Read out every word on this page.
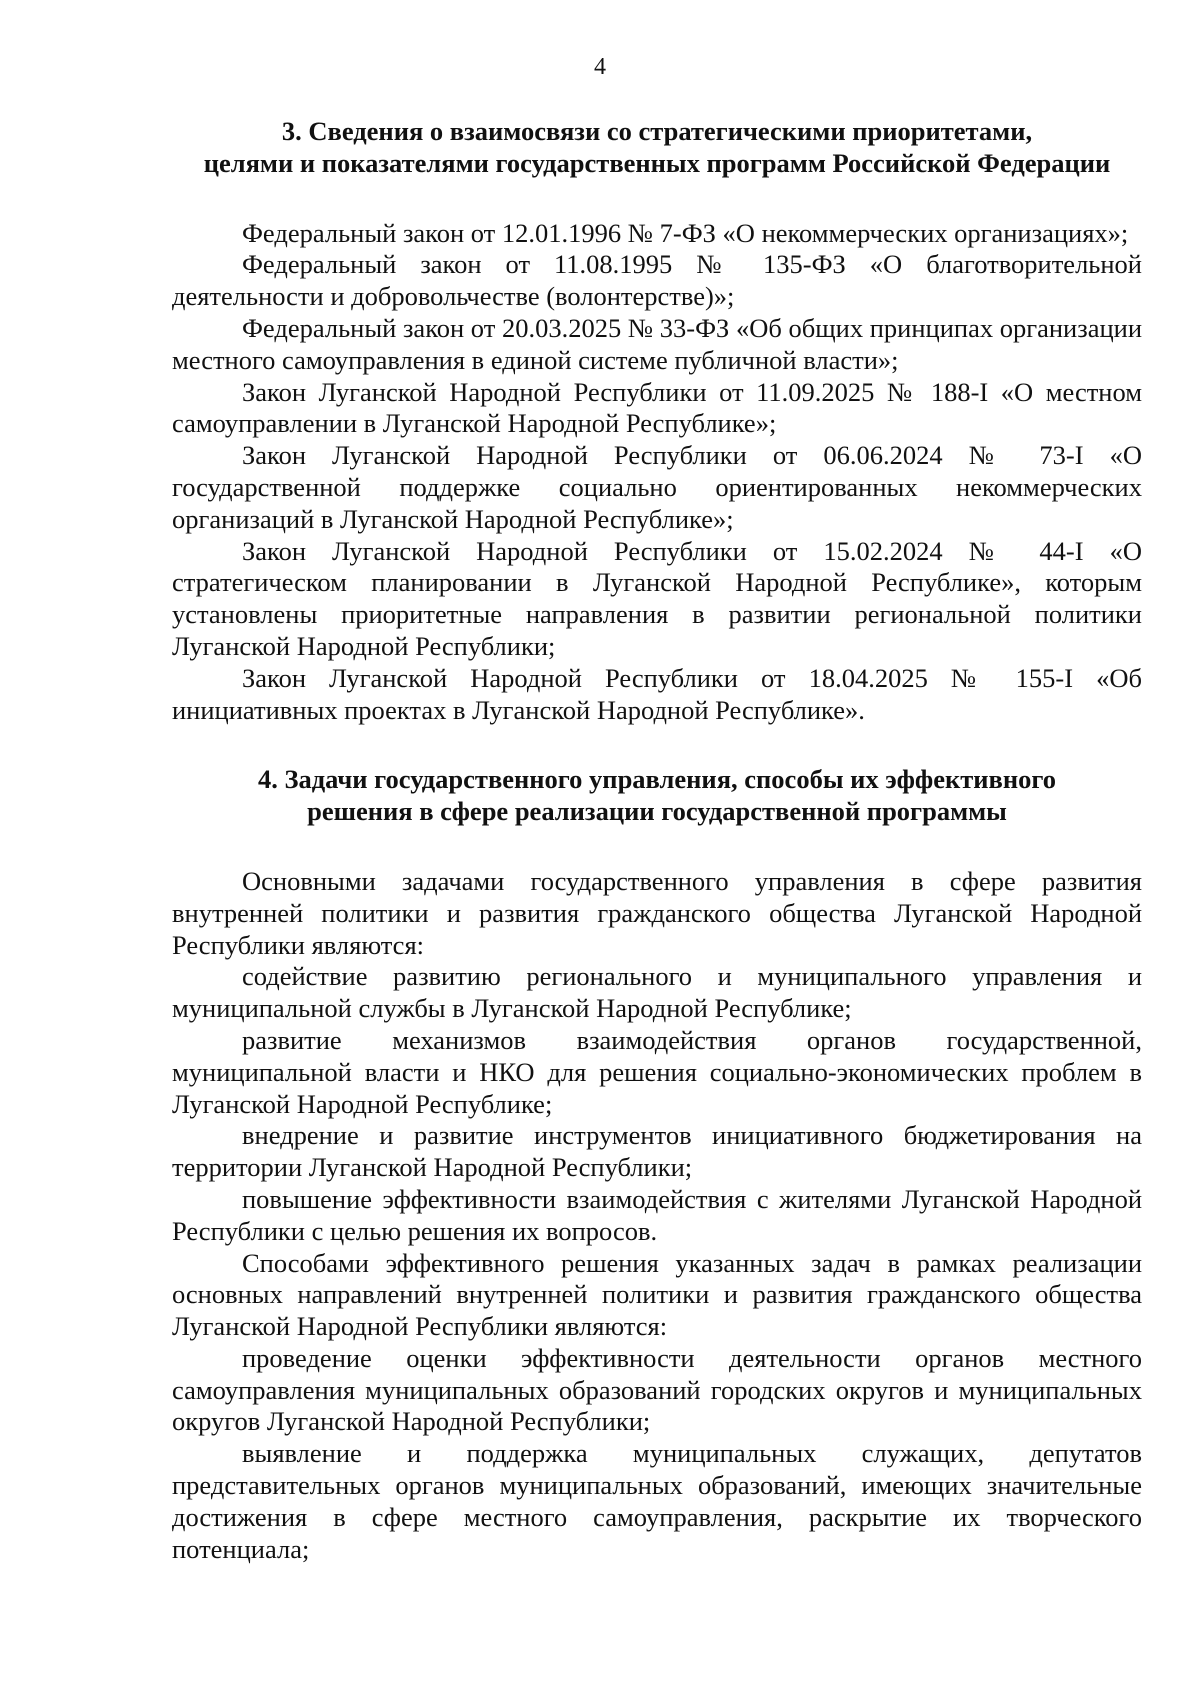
4
3. Сведения о взаимосвязи со стратегическими приоритетами,
целями и показателями государственных программ Российской Федерации

Федеральный закон от 12.01.1996 № 7-ФЗ «О некоммерческих организациях»;

Федеральный закон от 11.08.1995 № 135-ФЗ «О благотворительной деятельности и добровольчестве (волонтерстве)»;

Федеральный закон от 20.03.2025 № 33-ФЗ «Об общих принципах организации местного самоуправления в единой системе публичной власти»;

Закон Луганской Народной Республики от 11.09.2025 № 188-I «О местном самоуправлении в Луганской Народной Республике»;

Закон Луганской Народной Республики от 06.06.2024 № 73-I «О государственной поддержке социально ориентированных некоммерческих организаций в Луганской Народной Республике»;

Закон Луганской Народной Республики от 15.02.2024 № 44-I «О стратегическом планировании в Луганской Народной Республике», которым установлены приоритетные направления в развитии региональной политики Луганской Народной Республики;

Закон Луганской Народной Республики от 18.04.2025 № 155-I «Об инициативных проектах в Луганской Народной Республике».

4. Задачи государственного управления, способы их эффективного
решения в сфере реализации государственной программы

Основными задачами государственного управления в сфере развития внутренней политики и развития гражданского общества Луганской Народной Республики являются:

содействие развитию регионального и муниципального управления и муниципальной службы в Луганской Народной Республике;

развитие механизмов взаимодействия органов государственной, муниципальной власти и НКО для решения социально-экономических проблем в Луганской Народной Республике;

внедрение и развитие инструментов инициативного бюджетирования на территории Луганской Народной Республики;

повышение эффективности взаимодействия с жителями Луганской Народной Республики с целью решения их вопросов.

Способами эффективного решения указанных задач в рамках реализации основных направлений внутренней политики и развития гражданского общества Луганской Народной Республики являются:

проведение оценки эффективности деятельности органов местного самоуправления муниципальных образований городских округов и муниципальных округов Луганской Народной Республики;

выявление и поддержка муниципальных служащих, депутатов представительных органов муниципальных образований, имеющих значительные достижения в сфере местного самоуправления, раскрытие их творческого потенциала;
